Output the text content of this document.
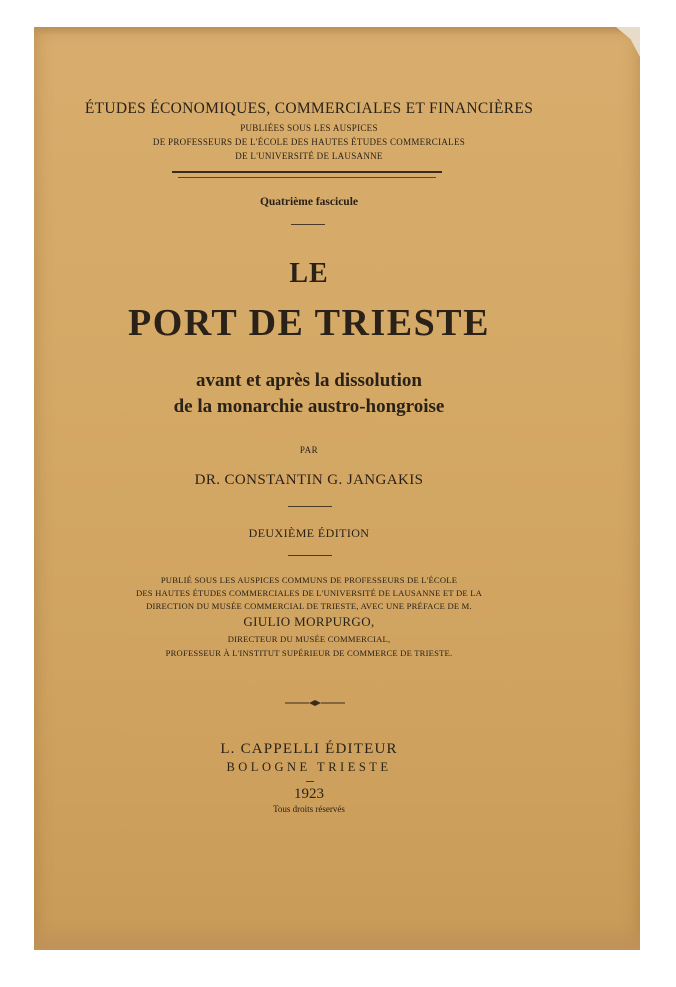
ÉTUDES ÉCONOMIQUES, COMMERCIALES ET FINANCIÈRES
PUBLIÉES SOUS LES AUSPICES
DE PROFESSEURS DE L'ÉCOLE DES HAUTES ÉTUDES COMMERCIALES
DE L'UNIVERSITÉ DE LAUSANNE
Quatrième fascicule
LE
PORT DE TRIESTE
avant et après la dissolution
de la monarchie austro-hongroise
PAR
DR. CONSTANTIN G. JANGAKIS
DEUXIÈME ÉDITION
PUBLIÉ SOUS LES AUSPICES COMMUNS DE PROFESSEURS DE L'ÉCOLE
DES HAUTES ÉTUDES COMMERCIALES DE L'UNIVERSITÉ DE LAUSANNE ET DE LA
DIRECTION DU MUSÉE COMMERCIAL DE TRIESTE, AVEC UNE PRÉFACE DE M.
GIULIO MORPURGO,
DIRECTEUR DU MUSÉE COMMERCIAL,
PROFESSEUR À L'INSTITUT SUPÉRIEUR DE COMMERCE DE TRIESTE.
L. CAPPELLI ÉDITEUR
BOLOGNE TRIESTE
1923
Tous droits réservés
